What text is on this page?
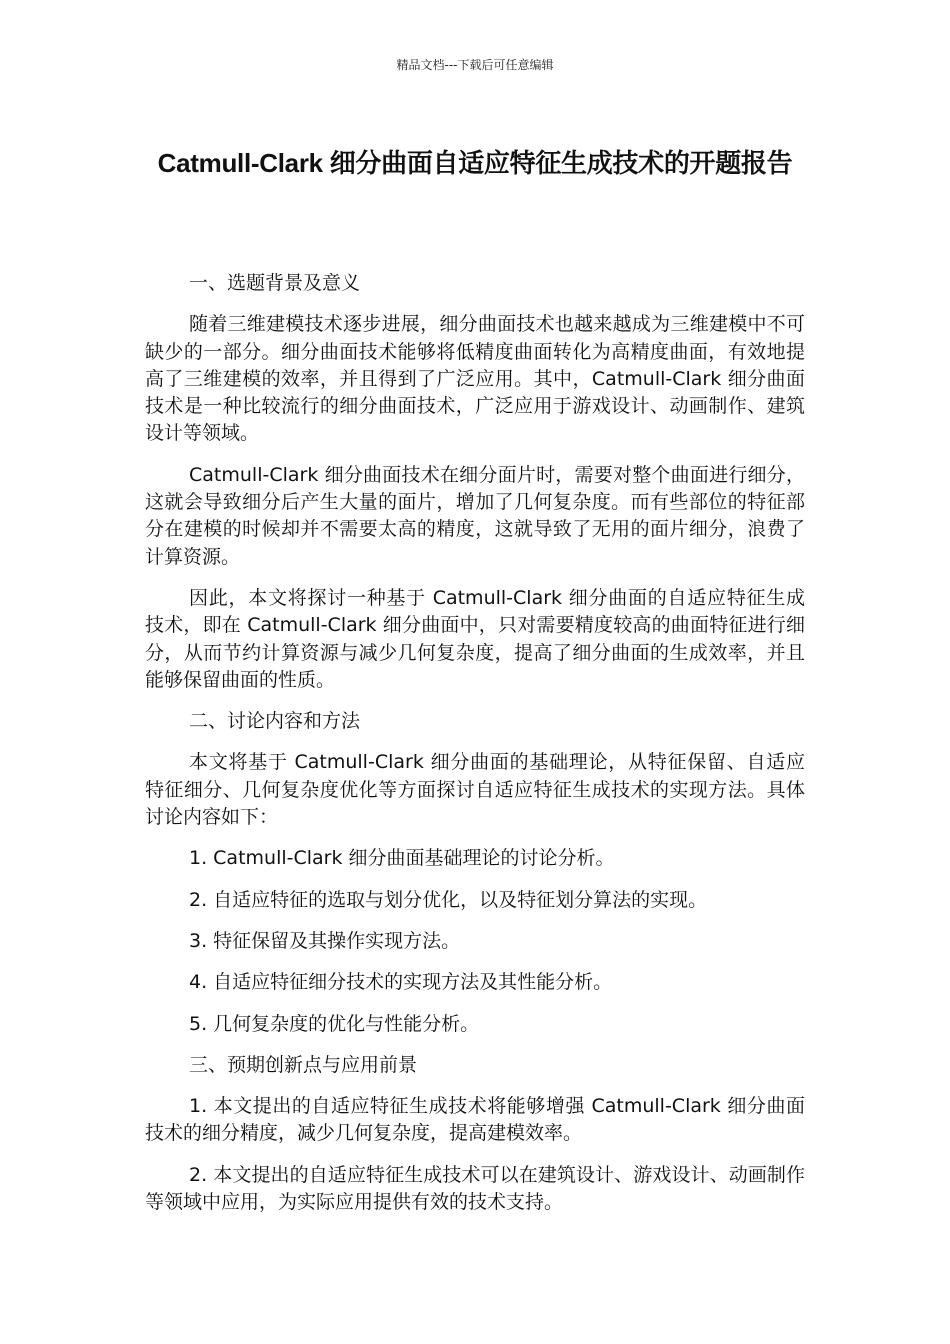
精品文档---下载后可任意编辑
Catmull-Clark 细分曲面自适应特征生成技术的开题报告

一、选题背景及意义

随着三维建模技术逐步进展，细分曲面技术也越来越成为三维建模中不可缺少的一部分。细分曲面技术能够将低精度曲面转化为高精度曲面，有效地提高了三维建模的效率，并且得到了广泛应用。其中，Catmull-Clark 细分曲面技术是一种比较流行的细分曲面技术，广泛应用于游戏设计、动画制作、建筑设计等领域。

Catmull-Clark 细分曲面技术在细分面片时，需要对整个曲面进行细分，这就会导致细分后产生大量的面片，增加了几何复杂度。而有些部位的特征部分在建模的时候却并不需要太高的精度，这就导致了无用的面片细分，浪费了计算资源。

因此，本文将探讨一种基于 Catmull-Clark 细分曲面的自适应特征生成技术，即在 Catmull-Clark 细分曲面中，只对需要精度较高的曲面特征进行细分，从而节约计算资源与减少几何复杂度，提高了细分曲面的生成效率，并且能够保留曲面的性质。

二、讨论内容和方法

本文将基于 Catmull-Clark 细分曲面的基础理论，从特征保留、自适应特征细分、几何复杂度优化等方面探讨自适应特征生成技术的实现方法。具体讨论内容如下：

1. Catmull-Clark 细分曲面基础理论的讨论分析。

2. 自适应特征的选取与划分优化，以及特征划分算法的实现。

3. 特征保留及其操作实现方法。

4. 自适应特征细分技术的实现方法及其性能分析。

5. 几何复杂度的优化与性能分析。

三、预期创新点与应用前景

1. 本文提出的自适应特征生成技术将能够增强 Catmull-Clark 细分曲面技术的细分精度，减少几何复杂度，提高建模效率。

2. 本文提出的自适应特征生成技术可以在建筑设计、游戏设计、动画制作等领域中应用，为实际应用提供有效的技术支持。
